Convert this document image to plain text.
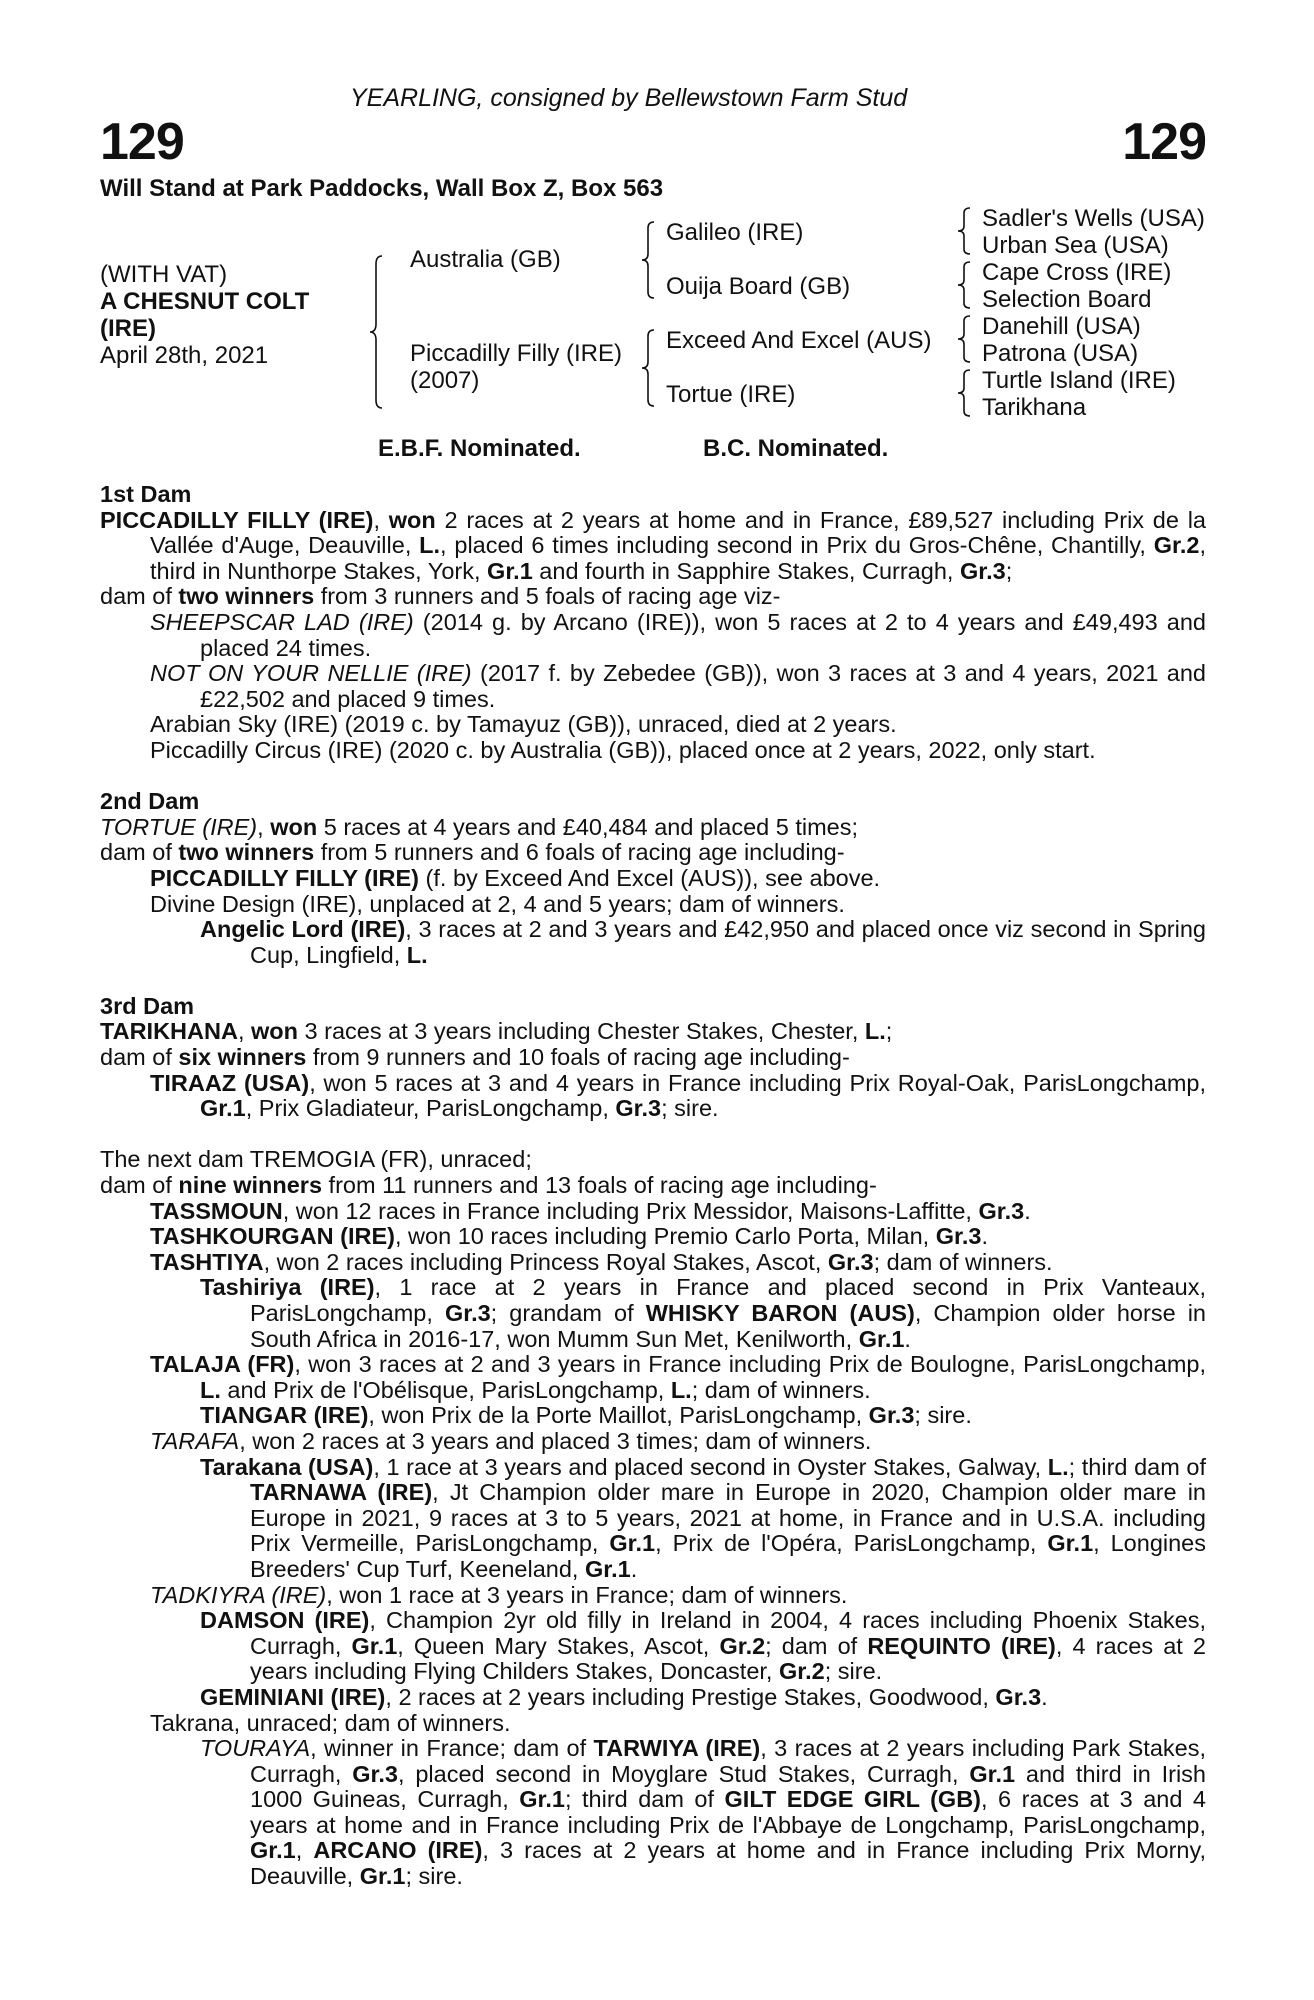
YEARLING, consigned by Bellewstown Farm Stud
129	129
Will Stand at Park Paddocks, Wall Box Z, Box 563
(WITH VAT)
A CHESNUT COLT
(IRE)
April 28th, 2021
Australia (GB)
Piccadilly Filly (IRE)
(2007)
Galileo (IRE)
Ouija Board (GB)
Exceed And Excel (AUS)
Tortue (IRE)
Sadler's Wells (USA)
Urban Sea (USA)
Cape Cross (IRE)
Selection Board
Danehill (USA)
Patrona (USA)
Turtle Island (IRE)
Tarikhana
E.B.F. Nominated.	B.C. Nominated.
1st Dam
PICCADILLY FILLY (IRE), won 2 races at 2 years at home and in France, £89,527 including Prix de la Vallée d'Auge, Deauville, L., placed 6 times including second in Prix du Gros-Chêne, Chantilly, Gr.2, third in Nunthorpe Stakes, York, Gr.1 and fourth in Sapphire Stakes, Curragh, Gr.3;
dam of two winners from 3 runners and 5 foals of racing age viz-
SHEEPSCAR LAD (IRE) (2014 g. by Arcano (IRE)), won 5 races at 2 to 4 years and £49,493 and placed 24 times.
NOT ON YOUR NELLIE (IRE) (2017 f. by Zebedee (GB)), won 3 races at 3 and 4 years, 2021 and £22,502 and placed 9 times.
Arabian Sky (IRE) (2019 c. by Tamayuz (GB)), unraced, died at 2 years.
Piccadilly Circus (IRE) (2020 c. by Australia (GB)), placed once at 2 years, 2022, only start.
2nd Dam
TORTUE (IRE), won 5 races at 4 years and £40,484 and placed 5 times;
dam of two winners from 5 runners and 6 foals of racing age including-
PICCADILLY FILLY (IRE) (f. by Exceed And Excel (AUS)), see above.
Divine Design (IRE), unplaced at 2, 4 and 5 years; dam of winners.
Angelic Lord (IRE), 3 races at 2 and 3 years and £42,950 and placed once viz second in Spring Cup, Lingfield, L.
3rd Dam
TARIKHANA, won 3 races at 3 years including Chester Stakes, Chester, L.;
dam of six winners from 9 runners and 10 foals of racing age including-
TIRAAZ (USA), won 5 races at 3 and 4 years in France including Prix Royal-Oak, ParisLongchamp, Gr.1, Prix Gladiateur, ParisLongchamp, Gr.3; sire.
The next dam TREMOGIA (FR), unraced;
dam of nine winners from 11 runners and 13 foals of racing age including-
TASSMOUN, won 12 races in France including Prix Messidor, Maisons-Laffitte, Gr.3.
TASHKOURGAN (IRE), won 10 races including Premio Carlo Porta, Milan, Gr.3.
TASHTIYA, won 2 races including Princess Royal Stakes, Ascot, Gr.3; dam of winners.
Tashiriya (IRE), 1 race at 2 years in France and placed second in Prix Vanteaux, ParisLongchamp, Gr.3; grandam of WHISKY BARON (AUS), Champion older horse in South Africa in 2016-17, won Mumm Sun Met, Kenilworth, Gr.1.
TALAJA (FR), won 3 races at 2 and 3 years in France including Prix de Boulogne, ParisLongchamp, L. and Prix de l'Obélisque, ParisLongchamp, L.; dam of winners.
TIANGAR (IRE), won Prix de la Porte Maillot, ParisLongchamp, Gr.3; sire.
TARAFA, won 2 races at 3 years and placed 3 times; dam of winners.
Tarakana (USA), 1 race at 3 years and placed second in Oyster Stakes, Galway, L.; third dam of TARNAWA (IRE), Jt Champion older mare in Europe in 2020, Champion older mare in Europe in 2021, 9 races at 3 to 5 years, 2021 at home, in France and in U.S.A. including Prix Vermeille, ParisLongchamp, Gr.1, Prix de l'Opéra, ParisLongchamp, Gr.1, Longines Breeders' Cup Turf, Keeneland, Gr.1.
TADKIYRA (IRE), won 1 race at 3 years in France; dam of winners.
DAMSON (IRE), Champion 2yr old filly in Ireland in 2004, 4 races including Phoenix Stakes, Curragh, Gr.1, Queen Mary Stakes, Ascot, Gr.2; dam of REQUINTO (IRE), 4 races at 2 years including Flying Childers Stakes, Doncaster, Gr.2; sire.
GEMINIANI (IRE), 2 races at 2 years including Prestige Stakes, Goodwood, Gr.3.
Takrana, unraced; dam of winners.
TOURAYA, winner in France; dam of TARWIYA (IRE), 3 races at 2 years including Park Stakes, Curragh, Gr.3, placed second in Moyglare Stud Stakes, Curragh, Gr.1 and third in Irish 1000 Guineas, Curragh, Gr.1; third dam of GILT EDGE GIRL (GB), 6 races at 3 and 4 years at home and in France including Prix de l'Abbaye de Longchamp, ParisLongchamp, Gr.1, ARCANO (IRE), 3 races at 2 years at home and in France including Prix Morny, Deauville, Gr.1; sire.
